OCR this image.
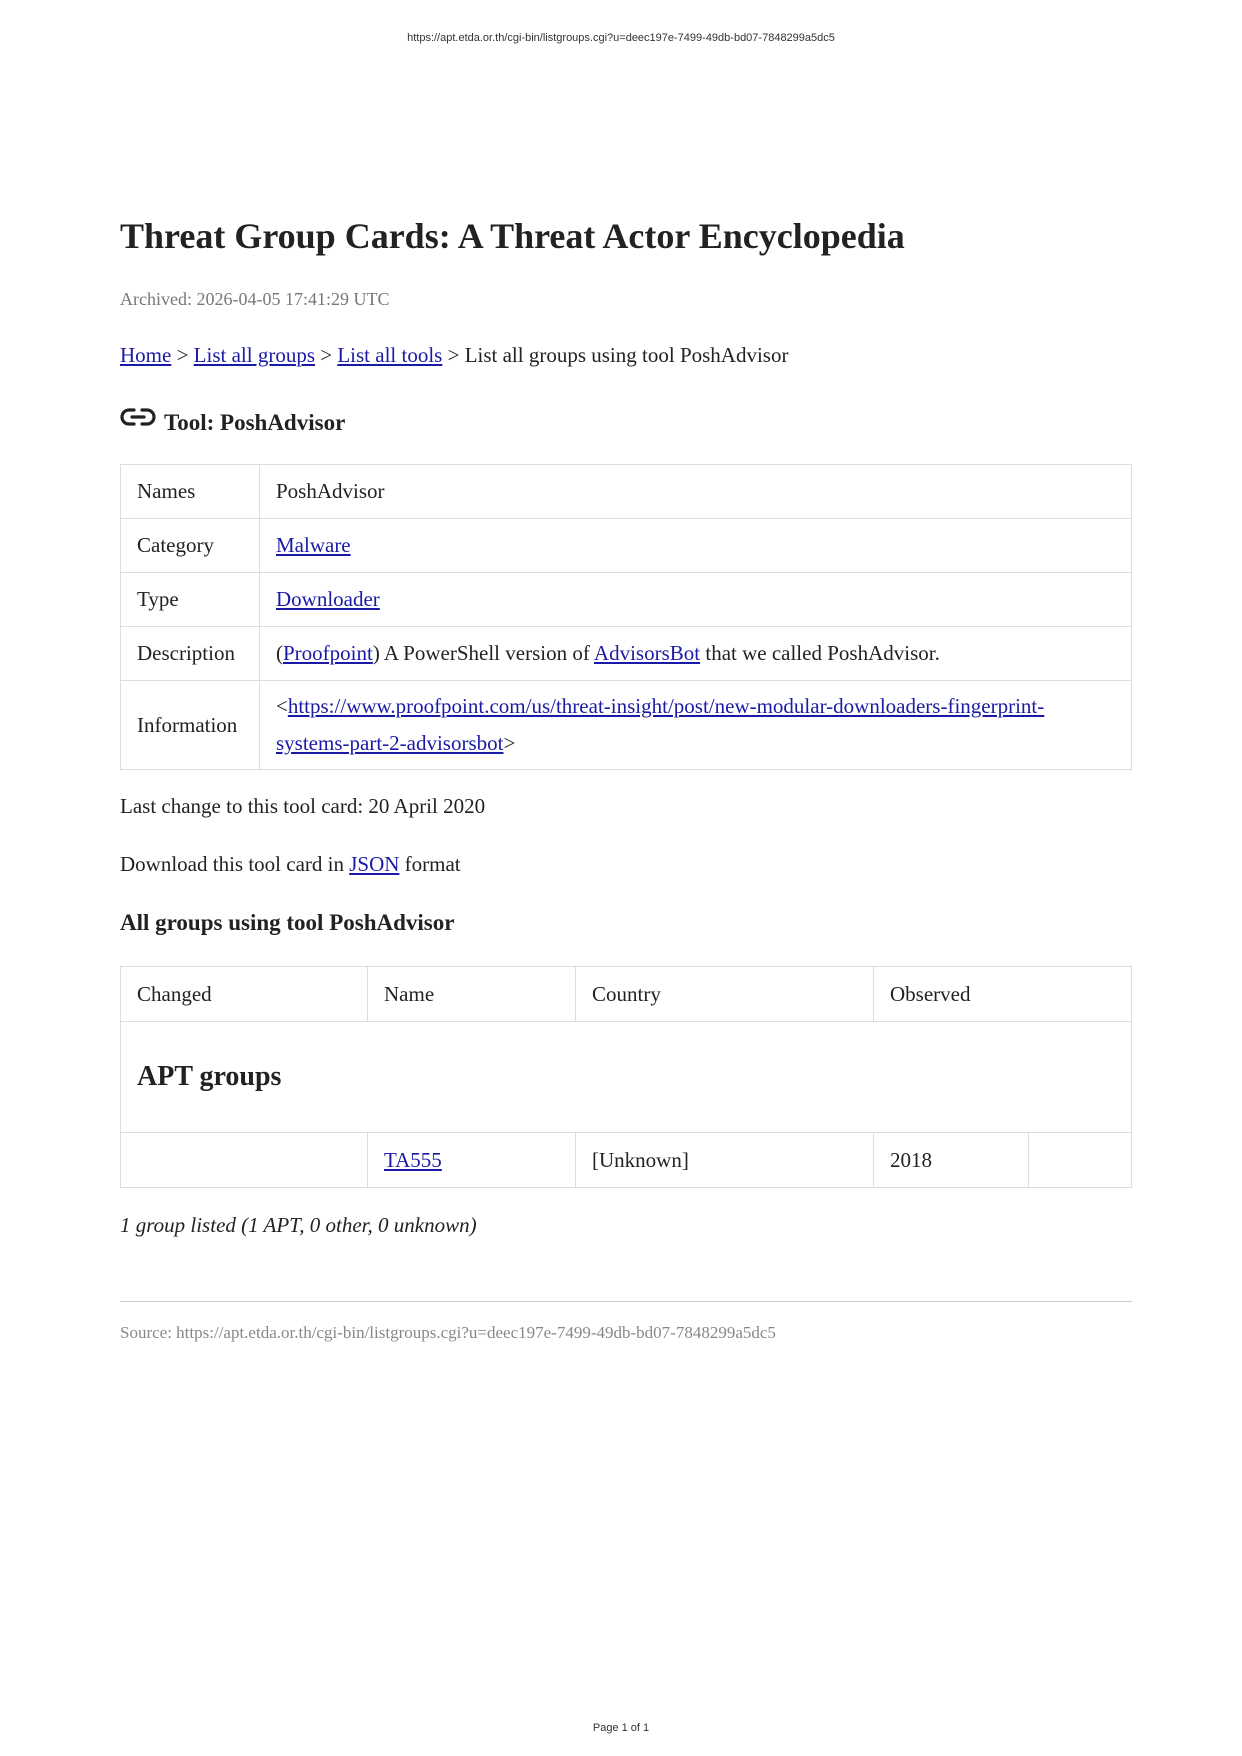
https://apt.etda.or.th/cgi-bin/listgroups.cgi?u=deec197e-7499-49db-bd07-7848299a5dc5
Threat Group Cards: A Threat Actor Encyclopedia
Archived: 2026-04-05 17:41:29 UTC
Home > List all groups > List all tools > List all groups using tool PoshAdvisor
Tool: PoshAdvisor
Names	PoshAdvisor
Category	Malware
Type	Downloader
Description	(Proofpoint) A PowerShell version of AdvisorsBot that we called PoshAdvisor.
Information	<https://www.proofpoint.com/us/threat-insight/post/new-modular-downloaders-fingerprint-systems-part-2-advisorsbot>
Last change to this tool card: 20 April 2020
Download this tool card in JSON format
All groups using tool PoshAdvisor
Changed	Name	Country	Observed	
APT groups				
	TA555	[Unknown]	2018	
1 group listed (1 APT, 0 other, 0 unknown)
Source: https://apt.etda.or.th/cgi-bin/listgroups.cgi?u=deec197e-7499-49db-bd07-7848299a5dc5
Page 1 of 1
